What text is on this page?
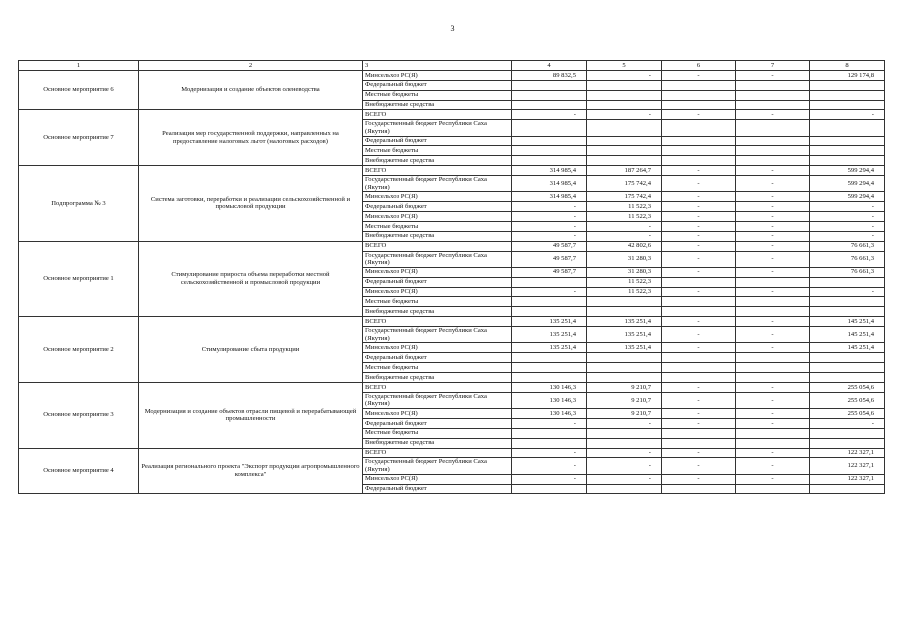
3
1	2	3	4	5	6	7	8
Основное мероприятие 6	Модернизация и создание объектов оленеводства	Минсельхоз РС(Я)	89 832,5	-	-	-	129 174,8
		Федеральный бюджет					
		Местные бюджеты					
		Внебюджетные средства					
Основное мероприятие 7	Реализация мер государственной поддержки, направленных на предоставление налоговых льгот (налоговых расходов)	ВСЕГО	-	-	-	-	-
		Государственный бюджет Республики Саха (Якутия)					
		Федеральный бюджет					
		Местные бюджеты					
		Внебюджетные средства					
Подпрограмма № 3	Система заготовки, переработки и реализации сельскохозяйственной и промысловой продукции	ВСЕГО	314 985,4	187 264,7	-	-	599 294,4
		Государственный бюджет Республики Саха (Якутия)	314 985,4	175 742,4	-	-	599 294,4
		Минсельхоз РС(Я)	314 985,4	175 742,4	-	-	599 294,4
		Федеральный бюджет	-	11 522,3	-	-	-
		Минсельхоз РС(Я)	-	11 522,3	-	-	-
		Местные бюджеты	-	-	-	-	-
		Внебюджетные средства	-	-	-	-	-
Основное мероприятие 1	Стимулирование прироста объема переработки местной сельскохозяйственной и промысловой продукции	ВСЕГО	49 587,7	42 802,6	-	-	76 661,3
		Государственный бюджет Республики Саха (Якутия)	49 587,7	31 280,3	-	-	76 661,3
		Минсельхоз РС(Я)	49 587,7	31 280,3	-	-	76 661,3
		Федеральный бюджет		11 522,3			
		Минсельхоз РС(Я)	-	11 522,3	-	-	-
		Местные бюджеты					
		Внебюджетные средства					
Основное мероприятие 2	Стимулирование сбыта продукции	ВСЕГО	135 251,4	135 251,4	-	-	145 251,4
		Государственный бюджет Республики Саха (Якутия)	135 251,4	135 251,4	-	-	145 251,4
		Минсельхоз РС(Я)	135 251,4	135 251,4	-	-	145 251,4
		Федеральный бюджет					
		Местные бюджеты					
		Внебюджетные средства					
Основное мероприятие 3	Модернизация и создание объектов отрасли пищевой и перерабатывающей промышленности	ВСЕГО	130 146,3	9 210,7	-	-	255 054,6
		Государственный бюджет Республики Саха (Якутия)	130 146,3	9 210,7	-	-	255 054,6
		Минсельхоз РС(Я)	130 146,3	9 210,7	-	-	255 054,6
		Федеральный бюджет	-	-	-	-	-
		Местные бюджеты					
		Внебюджетные средства					
Основное мероприятие 4	Реализация регионального проекта "Экспорт продукции агропромышленного комплекса"	ВСЕГО	-	-	-	-	122 327,1
		Государственный бюджет Республики Саха (Якутия)	-	-	-	-	122 327,1
		Минсельхоз РС(Я)	-	-	-	-	122 327,1
		Федеральный бюджет					
